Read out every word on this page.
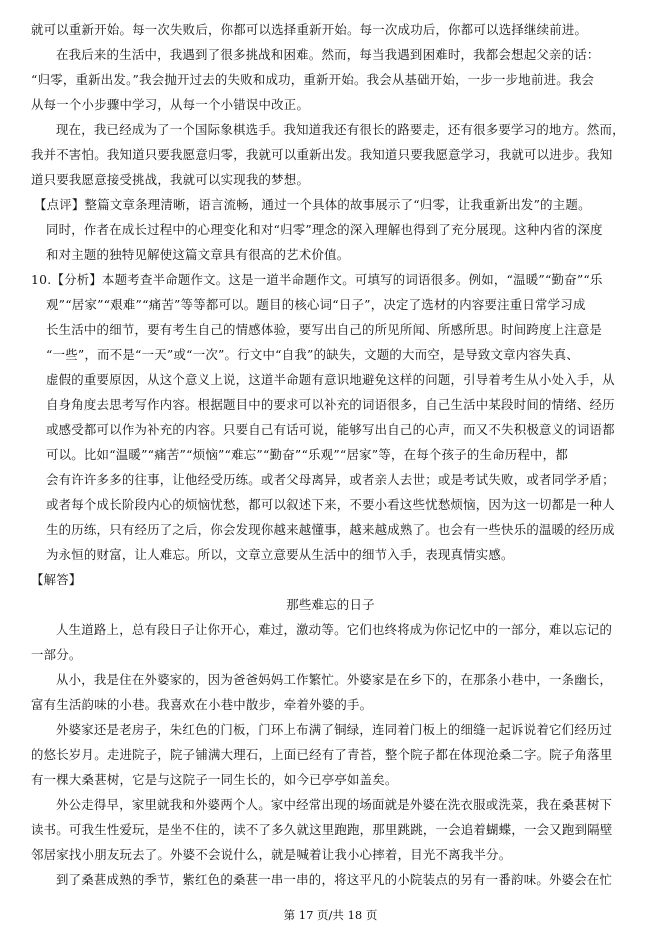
就可以重新开始。每一次失败后，你都可以选择重新开始。每一次成功后，你都可以选择继续前进。
在我后来的生活中，我遇到了很多挑战和困难。然而，每当我遇到困难时，我都会想起父亲的话：
“归零，重新出发。”我会抛开过去的失败和成功，重新开始。我会从基础开始，一步一步地前进。我会
从每一个小步骤中学习，从每一个小错误中改正。
现在，我已经成为了一个国际象棋选手。我知道我还有很长的路要走，还有很多要学习的地方。然而，
我并不害怕。我知道只要我愿意归零，我就可以重新出发。我知道只要我愿意学习，我就可以进步。我知
道只要我愿意接受挑战，我就可以实现我的梦想。
【点评】整篇文章条理清晰，语言流畅，通过一个具体的故事展示了“归零，让我重新出发”的主题。
同时，作者在成长过程中的心理变化和对“归零”理念的深入理解也得到了充分展现。这种内省的深度
和对主题的独特见解使这篇文章具有很高的艺术价值。
10.【分析】本题考查半命题作文。这是一道半命题作文。可填写的词语很多。例如，“温暖”“勤奋”“乐
观”“居家”“艰难”“痛苦”等等都可以。题目的核心词“日子”，决定了选材的内容要注重日常学习成
长生活中的细节，要有考生自己的情感体验，要写出自己的所见所闻、所感所思。时间跨度上注意是
“一些”，而不是“一天”或“一次”。行文中“自我”的缺失，文题的大而空，是导致文章内容失真、
虚假的重要原因，从这个意义上说，这道半命题有意识地避免这样的问题，引导着考生从小处入手，从
自身角度去思考写作内容。根据题目中的要求可以补充的词语很多，自己生活中某段时间的情绪、经历
或感受都可以作为补充的内容。只要自己有话可说，能够写出自己的心声，而又不失积极意义的词语都
可以。比如“温暖”“痛苦”“烦恼”“难忘”“勤奋”“乐观”“居家”等，在每个孩子的生命历程中，都
会有许许多多的往事，让他经受历练。或者父母离异，或者亲人去世；或是考试失败，或者同学矛盾；
或者每个成长阶段内心的烦恼忧愁，都可以叙述下来，不要小看这些忧愁烦恼，因为这一切都是一种人
生的历练，只有经历了之后，你会发现你越来越懂事，越来越成熟了。也会有一些快乐的温暖的经历成
为永恒的财富，让人难忘。所以，文章立意要从生活中的细节入手，表现真情实感。
【解答】
那些难忘的日子
人生道路上，总有段日子让你开心，难过，激动等。它们也终将成为你记忆中的一部分，难以忘记的
一部分。
从小，我是住在外婆家的，因为爸爸妈妈工作繁忙。外婆家是在乡下的，在那条小巷中，一条幽长，
富有生活韵味的小巷。我喜欢在小巷中散步，牵着外婆的手。
外婆家还是老房子，朱红色的门板，门环上布满了铜绿，连同着门板上的细缝一起诉说着它们经历过
的悠长岁月。走进院子，院子铺满大理石，上面已经有了青苔，整个院子都在体现沧桑二字。院子角落里
有一棵大桑葚树，它是与这院子一同生长的，如今已亭亭如盖矣。
外公走得早，家里就我和外婆两个人。家中经常出现的场面就是外婆在洗衣服或洗菜，我在桑葚树下
读书。可我生性爱玩，是坐不住的，读不了多久就这里跑跑，那里跳跳，一会追着蝴蝶，一会又跑到隔壁
邻居家找小朋友玩去了。外婆不会说什么，就是喊着让我小心摔着，目光不离我半分。
到了桑葚成熟的季节，紫红色的桑葚一串一串的，将这平凡的小院装点的另有一番韵味。外婆会在忙
第 17 页/共 18 页
